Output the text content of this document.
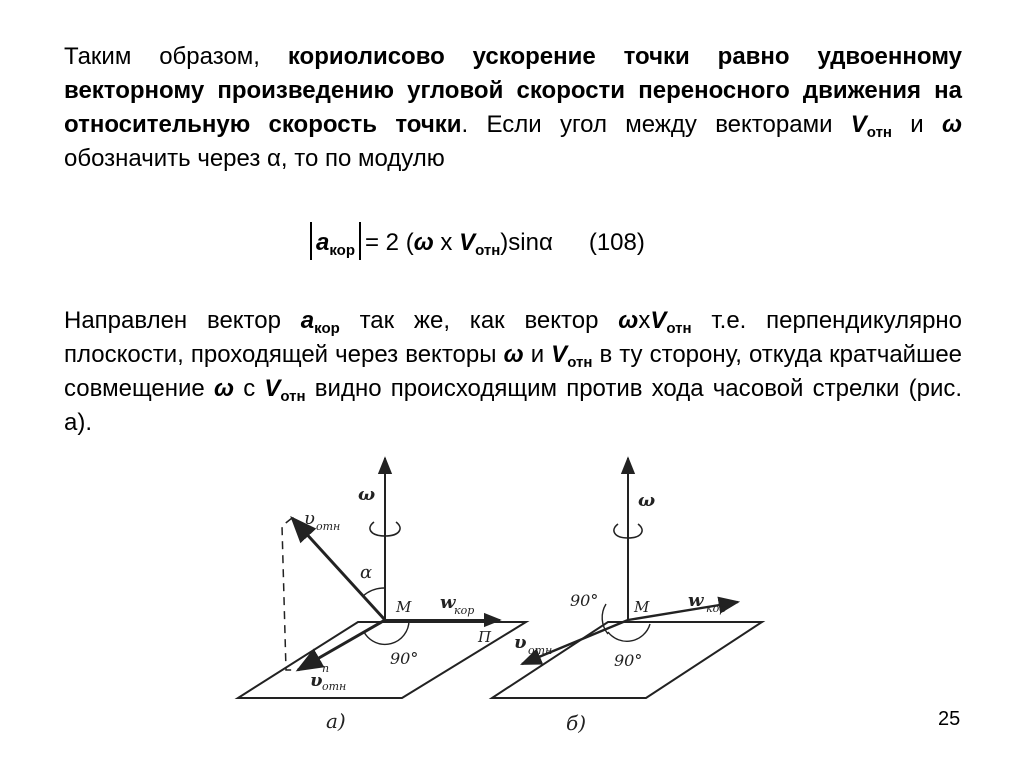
Таким образом, кориолисово ускорение точки равно удвоенному векторному произведению угловой скорости переносного движения на относительную скорость точки. Если угол между векторами $V_{отн}$ и ω обозначить через α, то по модулю

$a_{кор} = 2$ (ω х $V_{отн})\sin\alpha$ (108)

Направлен вектор $a_{кор}$ так же, как вектор ωхV$_{отн}$ т.е. перпендикулярно плоскости, проходящей через векторы ω и $V_{отн}$ в ту сторону, откуда кратчайшее совмещение ω с $V_{отн}$ видно происходящим против хода часовой стрелки (рис. а).

ω
υ отн
α
М w
кор
П
υ
п
отн
90°
а)
ω
90° М w кор
υ отн
90°
б)	25
